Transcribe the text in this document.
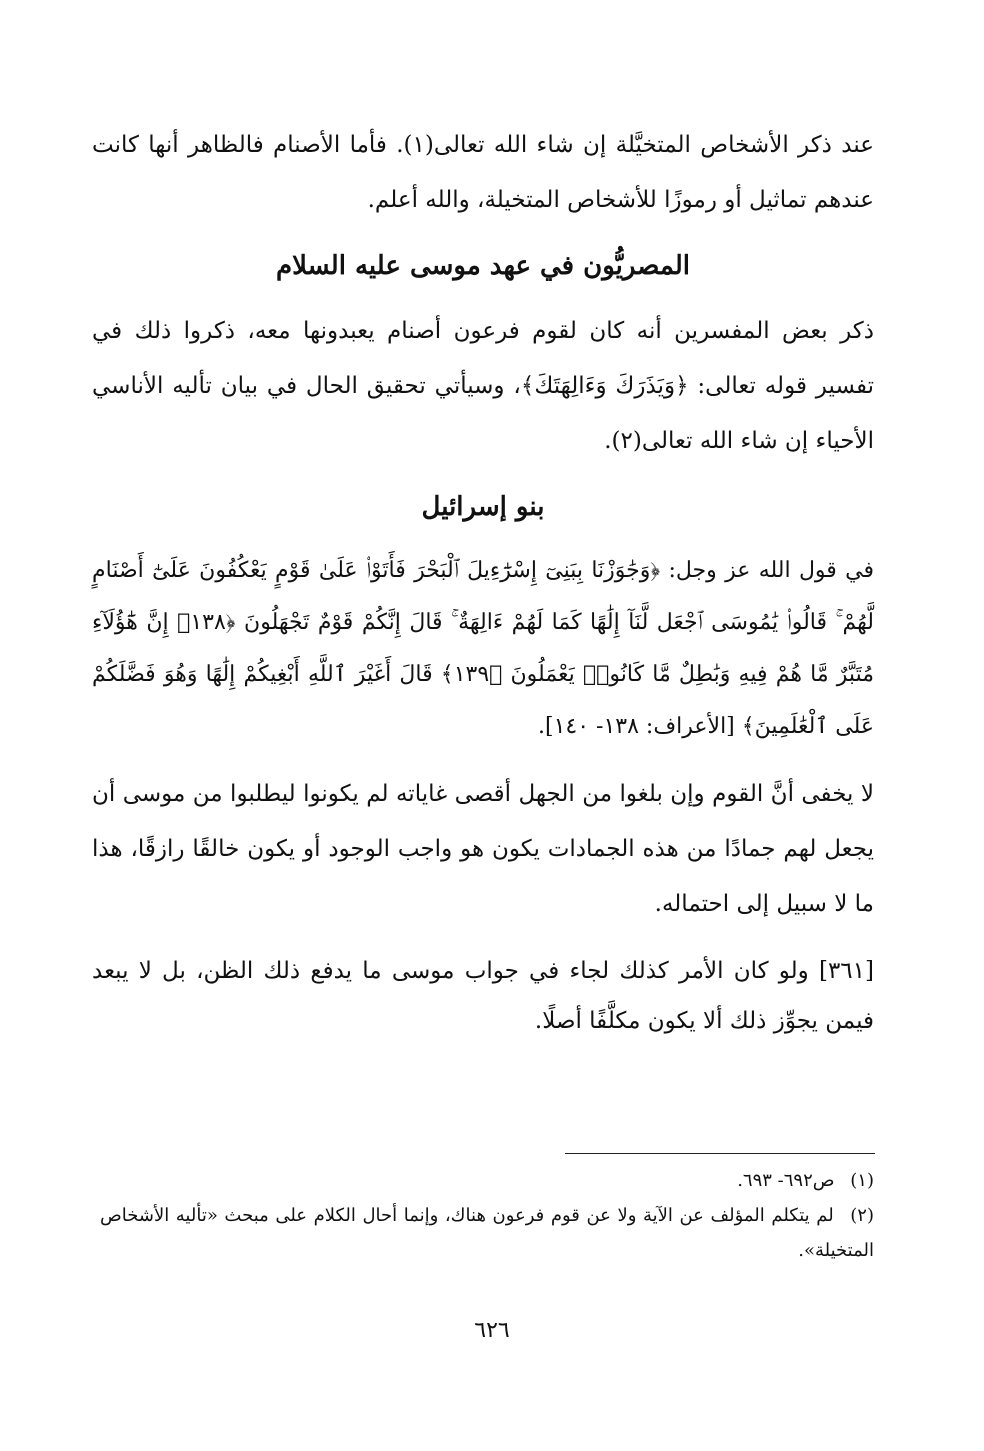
عند ذكر الأشخاص المتخيَّلة إن شاء الله تعالى(١). فأما الأصنام فالظاهر أنها كانت عندهم تماثيل أو رموزًا للأشخاص المتخيلة، والله أعلم.

المصريُّون في عهد موسى عليه السلام

ذكر بعض المفسرين أنه كان لقوم فرعون أصنام يعبدونها معه، ذكروا ذلك في تفسير قوله تعالى: ﴿وَيَذَرَكَ وَءَالِهَتَكَ﴾، وسيأتي تحقيق الحال في بيان تأليه الأناسي الأحياء إن شاء الله تعالى(٢).

بنو إسرائيل

في قول الله عز وجل: ﴿وَجَٰوَزْنَا بِبَنِىٓ إِسْرَٰٓءِيلَ ٱلْبَحْرَ فَأَتَوْا۟ عَلَىٰ قَوْمٍ يَعْكُفُونَ عَلَىٰٓ أَصْنَامٍ لَّهُمْ ۚ قَالُوا۟ يَٰمُوسَى ٱجْعَل لَّنَآ إِلَٰهًا كَمَا لَهُمْ ءَالِهَةٌ ۚ قَالَ إِنَّكُمْ قَوْمٌ تَجْهَلُونَ ﴿١٣٨﴾ إِنَّ هَٰٓؤُلَآءِ مُتَبَّرٌ مَّا هُمْ فِيهِ وَبَٰطِلٌ مَّا كَانُوا۟ يَعْمَلُونَ ﴿١٣٩﴾ قَالَ أَغَيْرَ ٱللَّهِ أَبْغِيكُمْ إِلَٰهًا وَهُوَ فَضَّلَكُمْ عَلَى ٱلْعَٰلَمِينَ﴾ [الأعراف: ١٣٨- ١٤٠].

لا يخفى أنَّ القوم وإن بلغوا من الجهل أقصى غاياته لم يكونوا ليطلبوا من موسى أن يجعل لهم جمادًا من هذه الجمادات يكون هو واجب الوجود أو يكون خالقًا رازقًا، هذا ما لا سبيل إلى احتماله.

[٣٦١] ولو كان الأمر كذلك لجاء في جواب موسى ما يدفع ذلك الظن، بل لا يبعد فيمن يجوِّز ذلك ألا يكون مكلَّفًا أصلًا.

(١) ص٦٩٢- ٦٩٣.

(٢) لم يتكلم المؤلف عن الآية ولا عن قوم فرعون هناك، وإنما أحال الكلام على مبحث «تأليه الأشخاص المتخيلة».

٦٢٦
